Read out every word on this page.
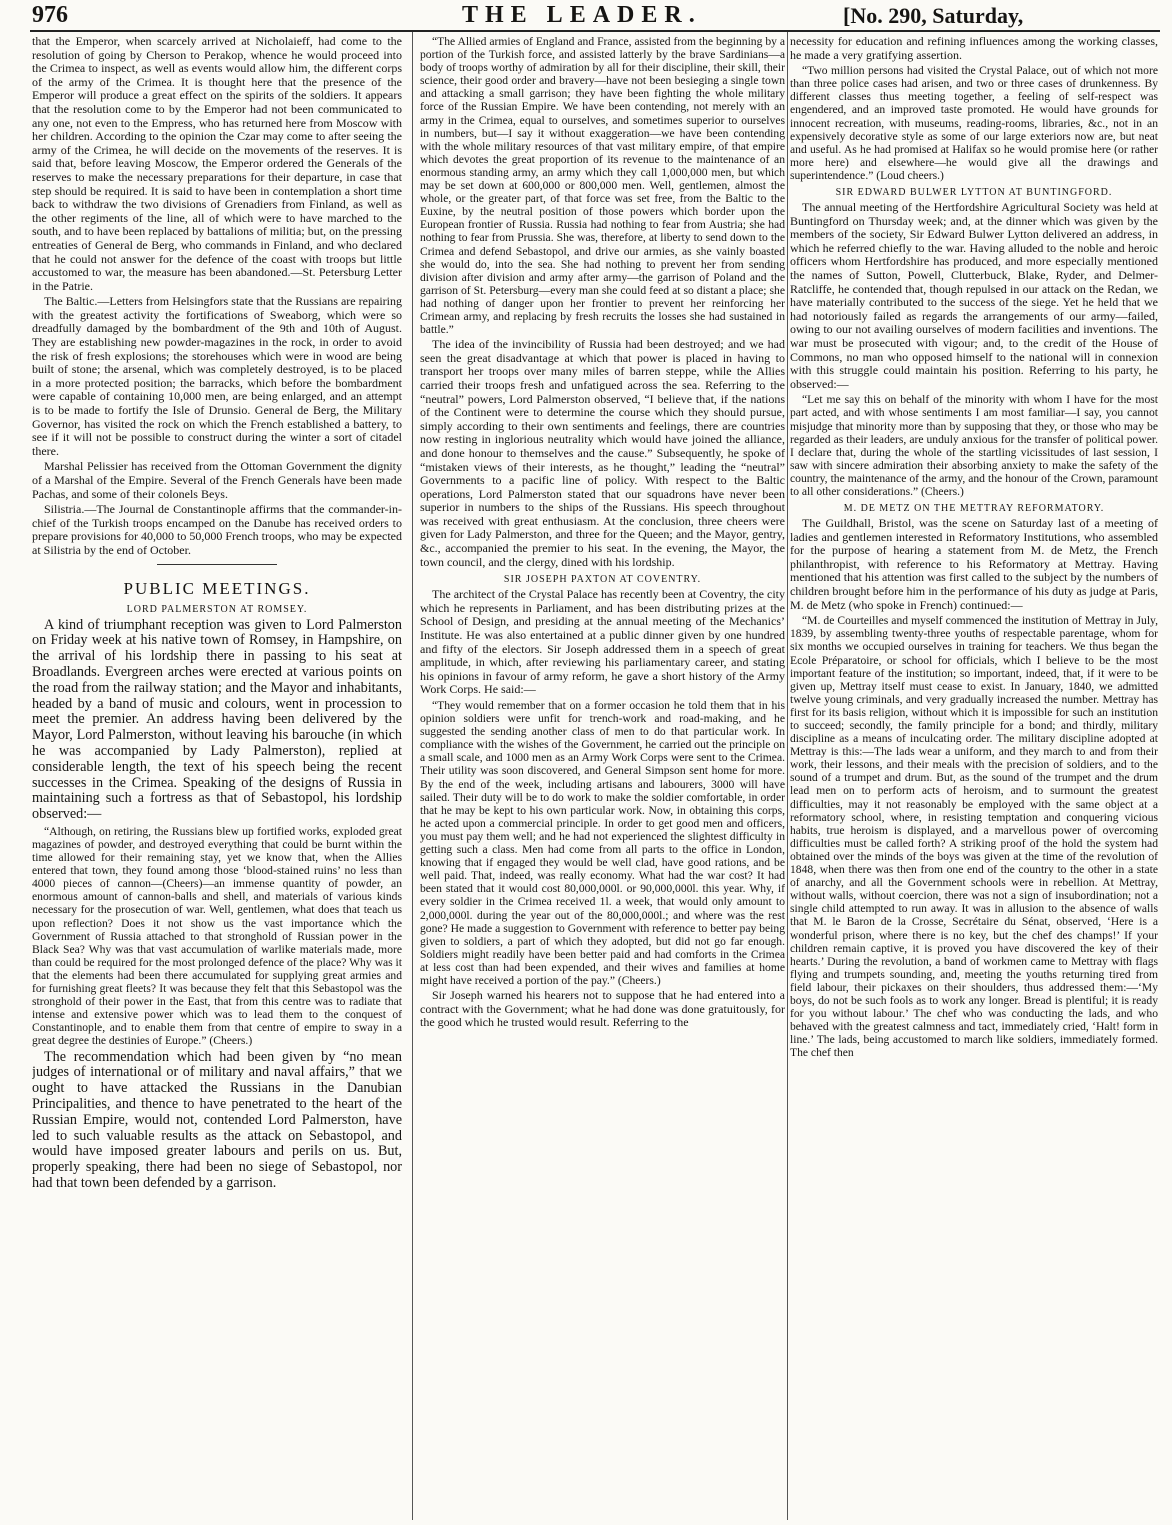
976	THE LEADER.	[No. 290, Saturday,

that the Emperor, when scarcely arrived at Nicholaieff, had come to the resolution of going by Cherson to Perakop, whence he would proceed into the Crimea to inspect, as well as events would allow him, the different corps of the army of the Crimea. It is thought here that the presence of the Emperor will produce a great effect on the spirits of the soldiers. It appears that the resolution come to by the Emperor had not been communicated to any one, not even to the Empress, who has returned here from Moscow with her children. According to the opinion the Czar may come to after seeing the army of the Crimea, he will decide on the movements of the reserves. It is said that, before leaving Moscow, the Emperor ordered the Generals of the reserves to make the necessary preparations for their departure, in case that step should be required. It is said to have been in contemplation a short time back to withdraw the two divisions of Grenadiers from Finland, as well as the other regiments of the line, all of which were to have marched to the south, and to have been replaced by battalions of militia; but, on the pressing entreaties of General de Berg, who commands in Finland, and who declared that he could not answer for the defence of the coast with troops but little accustomed to war, the measure has been abandoned.—St. Petersburg Letter in the Patrie.

The Baltic.—Letters from Helsingfors state that the Russians are repairing with the greatest activity the fortifications of Sweaborg, which were so dreadfully damaged by the bombardment of the 9th and 10th of August. They are establishing new powder-magazines in the rock, in order to avoid the risk of fresh explosions; the storehouses which were in wood are being built of stone; the arsenal, which was completely destroyed, is to be placed in a more protected position; the barracks, which before the bombardment were capable of containing 10,000 men, are being enlarged, and an attempt is to be made to fortify the Isle of Drunsio. General de Berg, the Military Governor, has visited the rock on which the French established a battery, to see if it will not be possible to construct during the winter a sort of citadel there.

Marshal Pelissier has received from the Ottoman Government the dignity of a Marshal of the Empire. Several of the French Generals have been made Pachas, and some of their colonels Beys.

Silistria.—The Journal de Constantinople affirms that the commander-in-chief of the Turkish troops encamped on the Danube has received orders to prepare provisions for 40,000 to 50,000 French troops, who may be expected at Silistria by the end of October.

PUBLIC MEETINGS.
LORD PALMERSTON AT ROMSEY.

A kind of triumphant reception was given to Lord Palmerston on Friday week at his native town of Romsey, in Hampshire, on the arrival of his lordship there in passing to his seat at Broadlands. Evergreen arches were erected at various points on the road from the railway station; and the Mayor and inhabitants, headed by a band of music and colours, went in procession to meet the premier. An address having been delivered by the Mayor, Lord Palmerston, without leaving his barouche (in which he was accompanied by Lady Palmerston), replied at considerable length, the text of his speech being the recent successes in the Crimea. Speaking of the designs of Russia in maintaining such a fortress as that of Sebastopol, his lordship observed:—

“Although, on retiring, the Russians blew up fortified works, exploded great magazines of powder, and destroyed everything that could be burnt within the time allowed for their remaining stay, yet we know that, when the Allies entered that town, they found among those ‘blood-stained ruins’ no less than 4000 pieces of cannon—(Cheers)—an immense quantity of powder, an enormous amount of cannon-balls and shell, and materials of various kinds necessary for the prosecution of war. Well, gentlemen, what does that teach us upon reflection? Does it not show us the vast importance which the Government of Russia attached to that stronghold of Russian power in the Black Sea? Why was that vast accumulation of warlike materials made, more than could be required for the most prolonged defence of the place? Why was it that the elements had been there accumulated for supplying great armies and for furnishing great fleets? It was because they felt that this Sebastopol was the stronghold of their power in the East, that from this centre was to radiate that intense and extensive power which was to lead them to the conquest of Constantinople, and to enable them from that centre of empire to sway in a great degree the destinies of Europe.” (Cheers.)

The recommendation which had been given by “no mean judges of international or of military and naval affairs,” that we ought to have attacked the Russians in the Danubian Principalities, and thence to have penetrated to the heart of the Russian Empire, would not, contended Lord Palmerston, have led to such valuable results as the attack on Sebastopol, and would have imposed greater labours and perils on us. But, properly speaking, there had been no siege of Sebastopol, nor had that town been defended by a garrison.

“The Allied armies of England and France, assisted from the beginning by a portion of the Turkish force, and assisted latterly by the brave Sardinians—a body of troops worthy of admiration by all for their discipline, their skill, their science, their good order and bravery—have not been besieging a single town and attacking a small garrison; they have been fighting the whole military force of the Russian Empire. We have been contending, not merely with an army in the Crimea, equal to ourselves, and sometimes superior to ourselves in numbers, but—I say it without exaggeration—we have been contending with the whole military resources of that vast military empire, of that empire which devotes the great proportion of its revenue to the maintenance of an enormous standing army, an army which they call 1,000,000 men, but which may be set down at 600,000 or 800,000 men. Well, gentlemen, almost the whole, or the greater part, of that force was set free, from the Baltic to the Euxine, by the neutral position of those powers which border upon the European frontier of Russia. Russia had nothing to fear from Austria; she had nothing to fear from Prussia. She was, therefore, at liberty to send down to the Crimea and defend Sebastopol, and drive our armies, as she vainly boasted she would do, into the sea. She had nothing to prevent her from sending division after division and army after army—the garrison of Poland and the garrison of St. Petersburg—every man she could feed at so distant a place; she had nothing of danger upon her frontier to prevent her reinforcing her Crimean army, and replacing by fresh recruits the losses she had sustained in battle.”

The idea of the invincibility of Russia had been destroyed; and we had seen the great disadvantage at which that power is placed in having to transport her troops over many miles of barren steppe, while the Allies carried their troops fresh and unfatigued across the sea. Referring to the “neutral” powers, Lord Palmerston observed, “I believe that, if the nations of the Continent were to determine the course which they should pursue, simply according to their own sentiments and feelings, there are countries now resting in inglorious neutrality which would have joined the alliance, and done honour to themselves and the cause.” Subsequently, he spoke of “mistaken views of their interests, as he thought,” leading the “neutral” Governments to a pacific line of policy. With respect to the Baltic operations, Lord Palmerston stated that our squadrons have never been superior in numbers to the ships of the Russians. His speech throughout was received with great enthusiasm. At the conclusion, three cheers were given for Lady Palmerston, and three for the Queen; and the Mayor, gentry, &c., accompanied the premier to his seat. In the evening, the Mayor, the town council, and the clergy, dined with his lordship.

SIR JOSEPH PAXTON AT COVENTRY.

The architect of the Crystal Palace has recently been at Coventry, the city which he represents in Parliament, and has been distributing prizes at the School of Design, and presiding at the annual meeting of the Mechanics’ Institute. He was also entertained at a public dinner given by one hundred and fifty of the electors. Sir Joseph addressed them in a speech of great amplitude, in which, after reviewing his parliamentary career, and stating his opinions in favour of army reform, he gave a short history of the Army Work Corps. He said:—

“They would remember that on a former occasion he told them that in his opinion soldiers were unfit for trench-work and road-making, and he suggested the sending another class of men to do that particular work. In compliance with the wishes of the Government, he carried out the principle on a small scale, and 1000 men as an Army Work Corps were sent to the Crimea. Their utility was soon discovered, and General Simpson sent home for more. By the end of the week, including artisans and labourers, 3000 will have sailed. Their duty will be to do work to make the soldier comfortable, in order that he may be kept to his own particular work. Now, in obtaining this corps, he acted upon a commercial principle. In order to get good men and officers, you must pay them well; and he had not experienced the slightest difficulty in getting such a class. Men had come from all parts to the office in London, knowing that if engaged they would be well clad, have good rations, and be well paid. That, indeed, was really economy. What had the war cost? It had been stated that it would cost 80,000,000l. or 90,000,000l. this year. Why, if every soldier in the Crimea received 1l. a week, that would only amount to 2,000,000l. during the year out of the 80,000,000l.; and where was the rest gone? He made a suggestion to Government with reference to better pay being given to soldiers, a part of which they adopted, but did not go far enough. Soldiers might readily have been better paid and had comforts in the Crimea at less cost than had been expended, and their wives and families at home might have received a portion of the pay.” (Cheers.)

Sir Joseph warned his hearers not to suppose that he had entered into a contract with the Government; what he had done was done gratuitously, for the good which he trusted would result. Referring to the

necessity for education and refining influences among the working classes, he made a very gratifying assertion.

“Two million persons had visited the Crystal Palace, out of which not more than three police cases had arisen, and two or three cases of drunkenness. By different classes thus meeting together, a feeling of self-respect was engendered, and an improved taste promoted. He would have grounds for innocent recreation, with museums, reading-rooms, libraries, &c., not in an expensively decorative style as some of our large exteriors now are, but neat and useful. As he had promised at Halifax so he would promise here (or rather more here) and elsewhere—he would give all the drawings and superintendence.” (Loud cheers.)

SIR EDWARD BULWER LYTTON AT BUNTINGFORD.

The annual meeting of the Hertfordshire Agricultural Society was held at Buntingford on Thursday week; and, at the dinner which was given by the members of the society, Sir Edward Bulwer Lytton delivered an address, in which he referred chiefly to the war. Having alluded to the noble and heroic officers whom Hertfordshire has produced, and more especially mentioned the names of Sutton, Powell, Clutterbuck, Blake, Ryder, and Delmer-Ratcliffe, he contended that, though repulsed in our attack on the Redan, we have materially contributed to the success of the siege. Yet he held that we had notoriously failed as regards the arrangements of our army—failed, owing to our not availing ourselves of modern facilities and inventions. The war must be prosecuted with vigour; and, to the credit of the House of Commons, no man who opposed himself to the national will in connexion with this struggle could maintain his position. Referring to his party, he observed:—

“Let me say this on behalf of the minority with whom I have for the most part acted, and with whose sentiments I am most familiar—I say, you cannot misjudge that minority more than by supposing that they, or those who may be regarded as their leaders, are unduly anxious for the transfer of political power. I declare that, during the whole of the startling vicissitudes of last session, I saw with sincere admiration their absorbing anxiety to make the safety of the country, the maintenance of the army, and the honour of the Crown, paramount to all other considerations.” (Cheers.)

M. DE METZ ON THE METTRAY REFORMATORY.

The Guildhall, Bristol, was the scene on Saturday last of a meeting of ladies and gentlemen interested in Reformatory Institutions, who assembled for the purpose of hearing a statement from M. de Metz, the French philanthropist, with reference to his Reformatory at Mettray. Having mentioned that his attention was first called to the subject by the numbers of children brought before him in the performance of his duty as judge at Paris, M. de Metz (who spoke in French) continued:—

“M. de Courteilles and myself commenced the institution of Mettray in July, 1839, by assembling twenty-three youths of respectable parentage, whom for six months we occupied ourselves in training for teachers. We thus began the Ecole Préparatoire, or school for officials, which I believe to be the most important feature of the institution; so important, indeed, that, if it were to be given up, Mettray itself must cease to exist. In January, 1840, we admitted twelve young criminals, and very gradually increased the number. Mettray has first for its basis religion, without which it is impossible for such an institution to succeed; secondly, the family principle for a bond; and thirdly, military discipline as a means of inculcating order. The military discipline adopted at Mettray is this:—The lads wear a uniform, and they march to and from their work, their lessons, and their meals with the precision of soldiers, and to the sound of a trumpet and drum. But, as the sound of the trumpet and the drum lead men on to perform acts of heroism, and to surmount the greatest difficulties, may it not reasonably be employed with the same object at a reformatory school, where, in resisting temptation and conquering vicious habits, true heroism is displayed, and a marvellous power of overcoming difficulties must be called forth? A striking proof of the hold the system had obtained over the minds of the boys was given at the time of the revolution of 1848, when there was then from one end of the country to the other in a state of anarchy, and all the Government schools were in rebellion. At Mettray, without walls, without coercion, there was not a sign of insubordination; not a single child attempted to run away. It was in allusion to the absence of walls that M. le Baron de la Crosse, Secrétaire du Sénat, observed, ‘Here is a wonderful prison, where there is no key, but the chef des champs!’ If your children remain captive, it is proved you have discovered the key of their hearts.’ During the revolution, a band of workmen came to Mettray with flags flying and trumpets sounding, and, meeting the youths returning tired from field labour, their pickaxes on their shoulders, thus addressed them:—‘My boys, do not be such fools as to work any longer. Bread is plentiful; it is ready for you without labour.’ The chef who was conducting the lads, and who behaved with the greatest calmness and tact, immediately cried, ‘Halt! form in line.’ The lads, being accustomed to march like soldiers, immediately formed. The chef then
